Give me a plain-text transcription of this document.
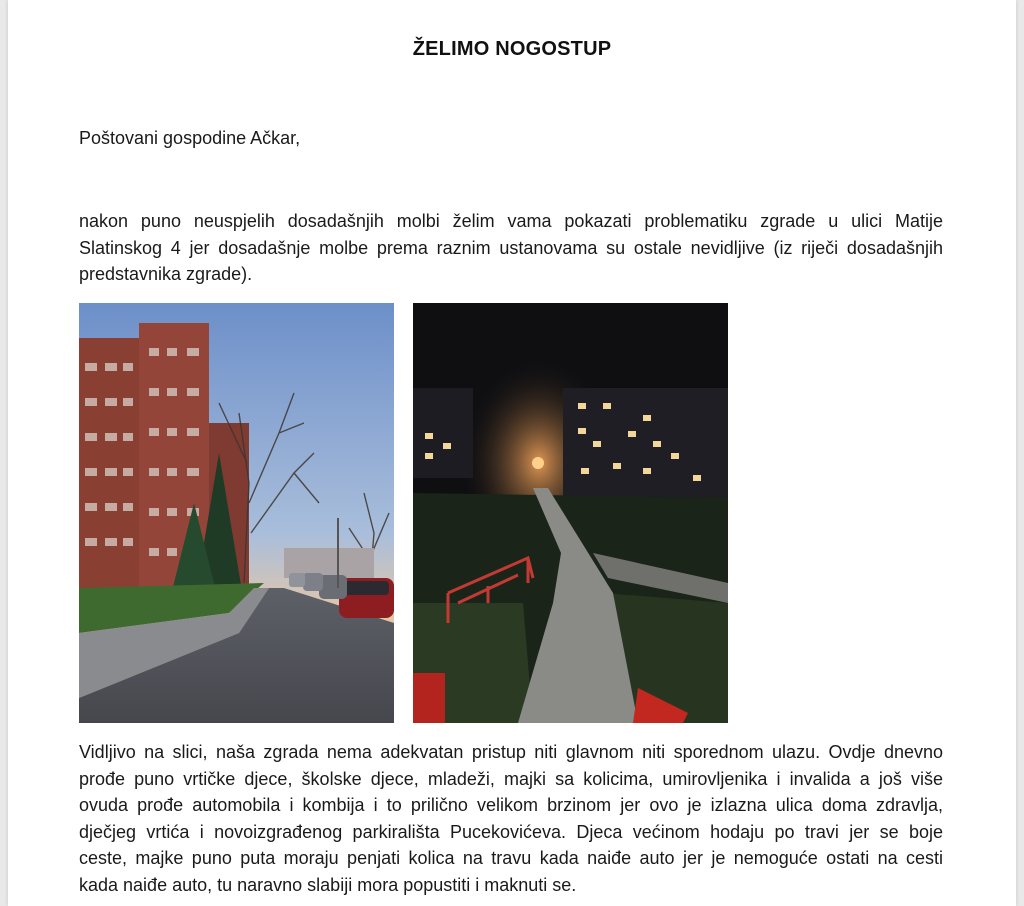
ŽELIMO NOGOSTUP
Poštovani gospodine Ačkar,
nakon puno neuspjelih dosadašnjih molbi želim vama pokazati problematiku zgrade u ulici Matije
Slatinskog 4 jer dosadašnje molbe prema raznim ustanovama su ostale nevidljive (iz riječi dosadašnjih
predstavnika zgrade).
Vidljivo na slici, naša zgrada nema adekvatan pristup niti glavnom niti sporednom ulazu. Ovdje dnevno
prođe puno vrtičke djece, školske djece, mladeži, majki sa kolicima, umirovljenika i invalida a još više
ovuda prođe automobila i kombija i to prilično velikom brzinom jer ovo je izlazna ulica doma zdravlja,
dječjeg vrtića i novoizgrađenog parkirališta Pucekovićeva. Djeca većinom hodaju po travi jer se boje
ceste, majke puno puta moraju penjati kolica na travu kada naiđe auto jer je nemoguće ostati na cesti
kada naiđe auto, tu naravno slabiji mora popustiti i maknuti se.
